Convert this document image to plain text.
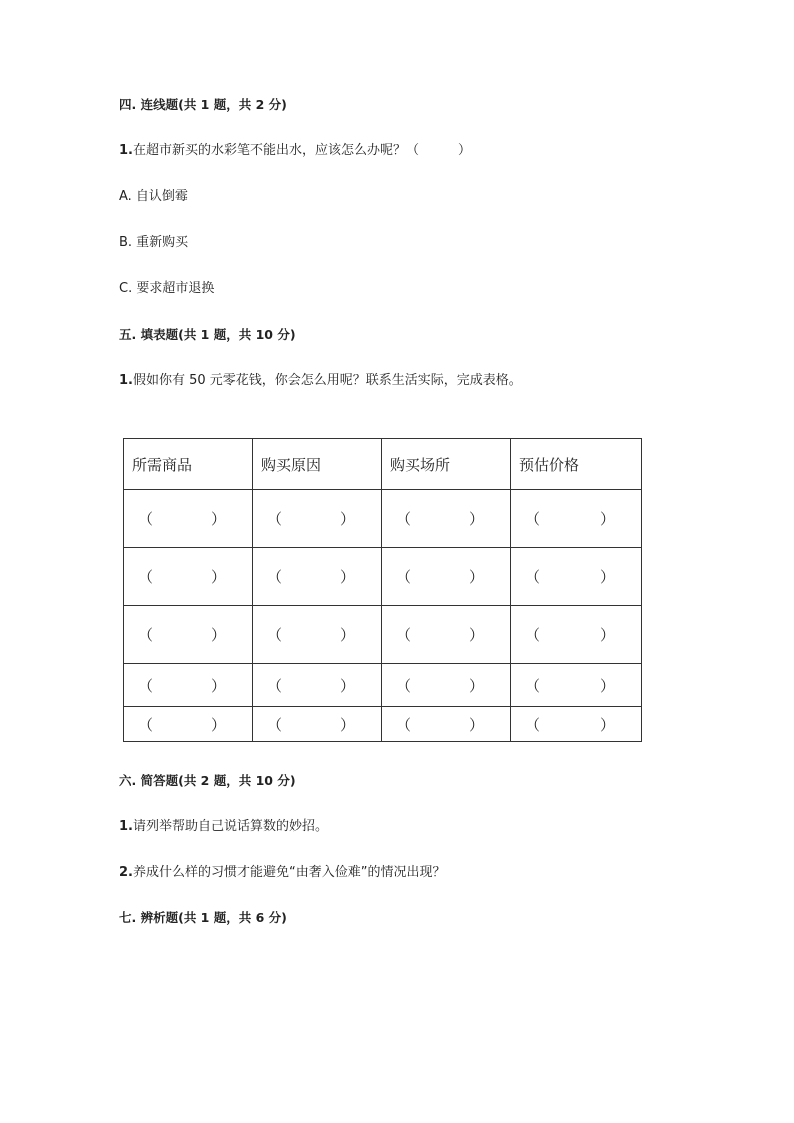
四. 连线题(共 1 题，共 2 分)
1.在超市新买的水彩笔不能出水，应该怎么办呢？（　　　）
A. 自认倒霉
B. 重新购买
C. 要求超市退换
五. 填表题(共 1 题，共 10 分)
1.假如你有 50 元零花钱，你会怎么用呢？联系生活实际，完成表格。
所需商品	购买原因	购买场所	预估价格

（ ）	（ ）	（ ）	（ ）

（ ）	（ ）	（ ）	（ ）

（ ）	（ ）	（ ）	（ ）

（ ）	（ ）	（ ）	（ ）

（ ）	（ ）	（ ）	（ ）
六. 简答题(共 2 题，共 10 分)
1.请列举帮助自己说话算数的妙招。
2.养成什么样的习惯才能避免“由奢入俭难”的情况出现？
七. 辨析题(共 1 题，共 6 分)
